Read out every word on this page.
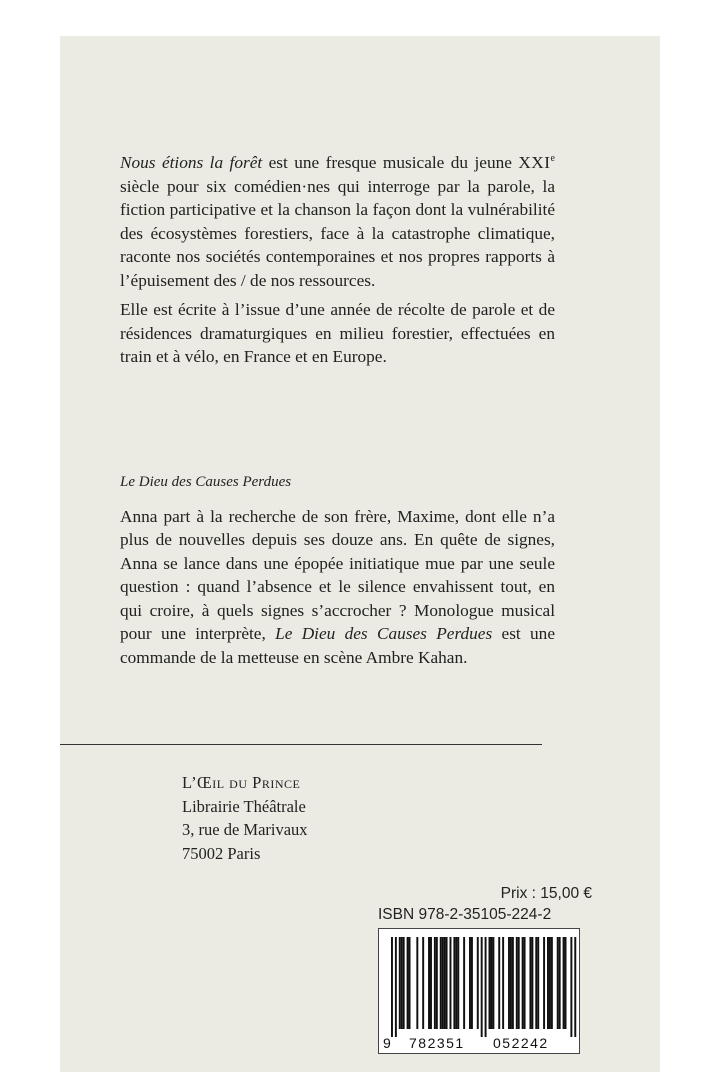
Nous étions la forêt est une fresque musicale du jeune XXIe siècle pour six comédien·nes qui interroge par la parole, la fiction participative et la chanson la façon dont la vulnérabilité des écosystèmes forestiers, face à la catastrophe climatique, raconte nos sociétés contemporaines et nos propres rapports à l’épuisement des / de nos ressources.

Elle est écrite à l’issue d’une année de récolte de parole et de résidences dramaturgiques en milieu forestier, effectuées en train et à vélo, en France et en Europe.

Le Dieu des Causes Perdues

Anna part à la recherche de son frère, Maxime, dont elle n’a plus de nouvelles depuis ses douze ans. En quête de signes, Anna se lance dans une épopée initiatique mue par une seule question : quand l’absence et le silence envahissent tout, en qui croire, à quels signes s’accrocher ? Monologue musical pour une interprète, Le Dieu des Causes Perdues est une commande de la metteuse en scène Ambre Kahan.

L’Œil du Prince
Librairie Théâtrale
3, rue de Marivaux
75002 Paris
Prix : 15,00 €
ISBN 978-2-35105-224-2
9 782351 052242
